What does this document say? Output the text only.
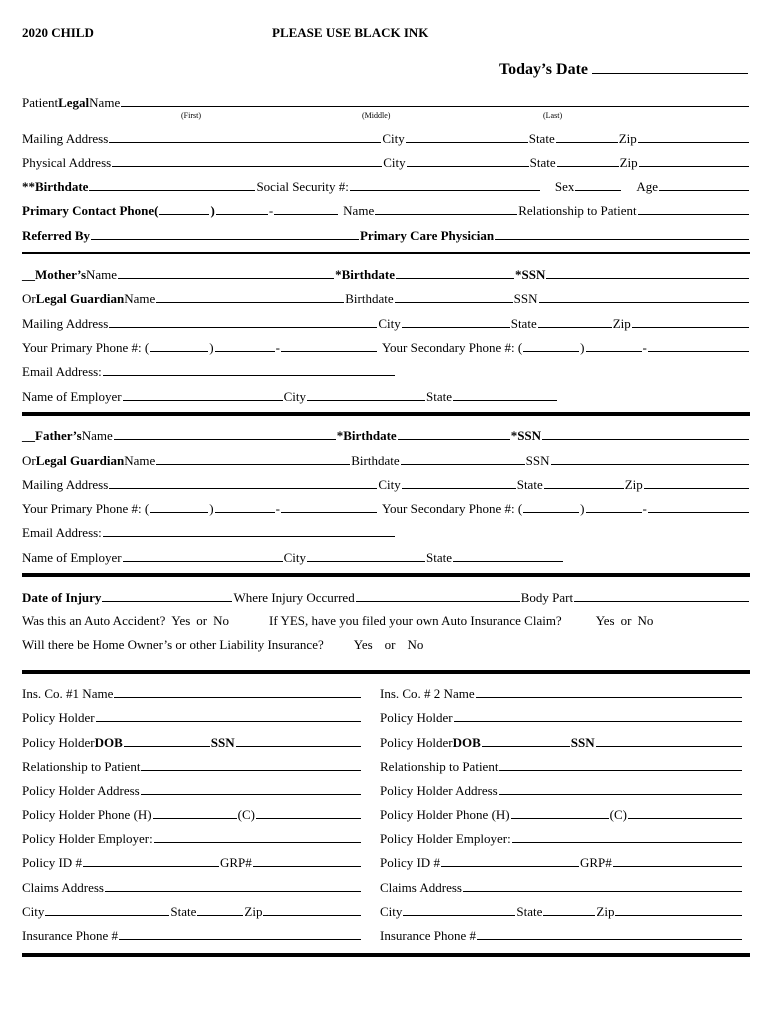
2020 CHILD	PLEASE USE BLACK INK
Today’s Date
Patient Legal Name
(First)	(Middle)	(Last)
Mailing Address	City	State	Zip
Physical Address	City	State	Zip
**Birthdate	Social Security #:	Sex	Age
Primary Contact Phone (	)	-	Name	Relationship to Patient
Referred By	Primary Care Physician
__ Mother’s Name	*Birthdate	*SSN
Or Legal Guardian Name	Birthdate	SSN
Mailing Address	City	State	Zip
Your Primary Phone #: (	)	-	Your Secondary Phone #: (	)	-
Email Address:
Name of Employer	City	State
__ Father’s Name	*Birthdate	*SSN
Or Legal Guardian Name	Birthdate	SSN
Mailing Address	City	State	Zip
Your Primary Phone #: (	)	-	Your Secondary Phone #: (	)	-
Email Address:
Name of Employer	City	State
Date of Injury	Where Injury Occurred	Body Part
Was this an Auto Accident? Yes or No	If YES, have you filed your own Auto Insurance Claim?	Yes or No
Will there be Home Owner’s or other Liability Insurance? Yes or No
Ins. Co. #1 Name
Policy Holder
Policy Holder DOB	SSN
Relationship to Patient
Policy Holder Address
Policy Holder Phone (H)	(C)
Policy Holder Employer:
Policy ID #	GRP#
Claims Address
City	State	Zip
Insurance Phone #
Ins. Co. # 2 Name
Policy Holder
Policy Holder DOB	SSN
Relationship to Patient
Policy Holder Address
Policy Holder Phone (H)	(C)
Policy Holder Employer:
Policy ID #	GRP#
Claims Address
City	State	Zip
Insurance Phone #
